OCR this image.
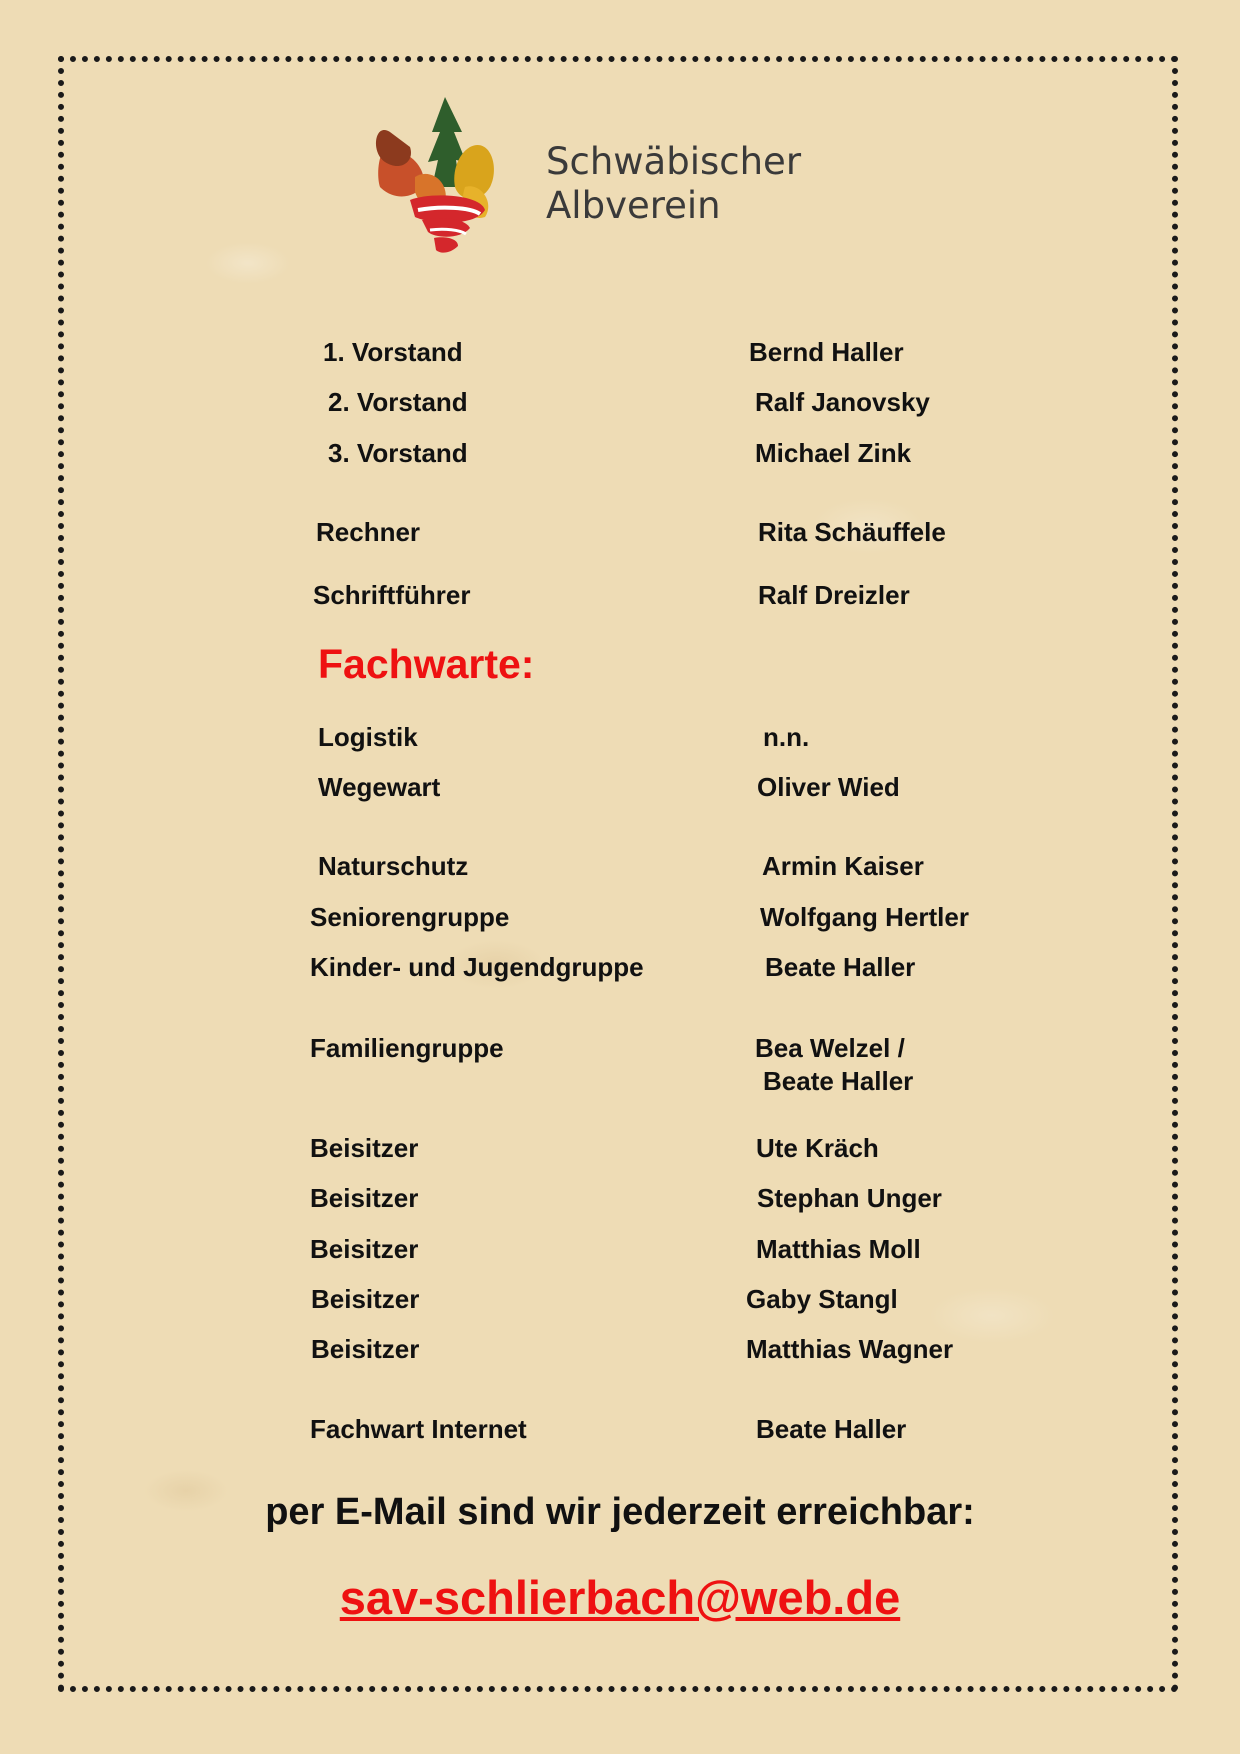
Schwäbischer
Albverein
1. Vorstand	Bernd Haller
2. Vorstand	Ralf Janovsky
3. Vorstand	Michael Zink
Rechner	Rita Schäuffele
Schriftführer	Ralf Dreizler
Fachwarte:
Logistik	n.n.
Wegewart	Oliver Wied
Naturschutz	Armin Kaiser
Seniorengruppe	Wolfgang Hertler
Kinder- und Jugendgruppe	Beate Haller
Familiengruppe	Bea Welzel /
Beate Haller
Beisitzer	Ute Kräch
Beisitzer	Stephan Unger
Beisitzer	Matthias Moll
Beisitzer	Gaby Stangl
Beisitzer	Matthias Wagner
Fachwart Internet	Beate Haller
per E-Mail sind wir jederzeit erreichbar:
sav-schlierbach@web.de
